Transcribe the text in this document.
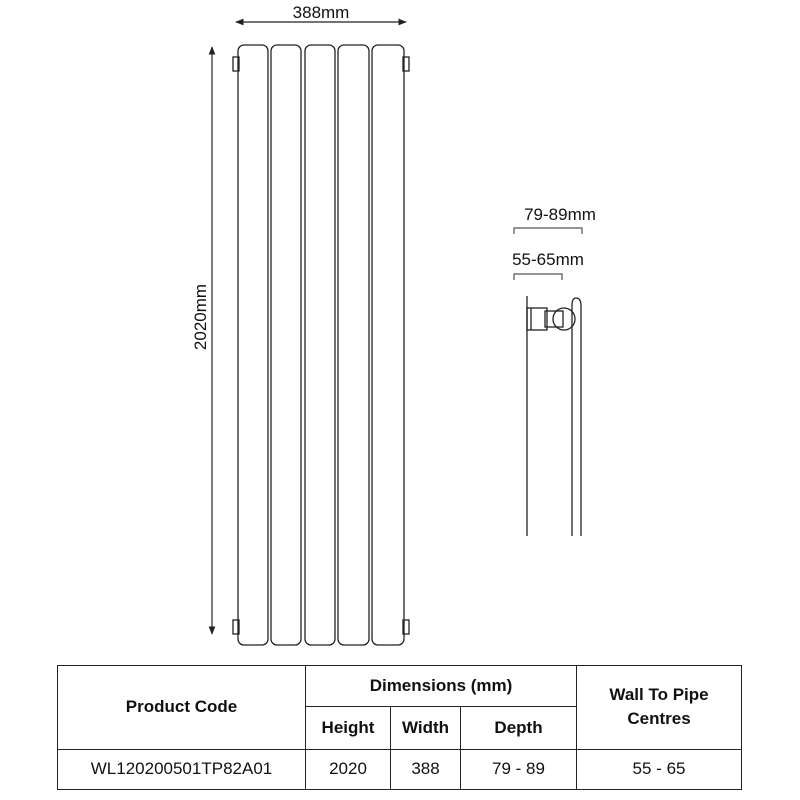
388mm
2020mm
79-89mm
55-65mm
Product Code	Dimensions (mm)			Wall To Pipe
Centres
	Height	Width	Depth	
WL120200501TP82A01	2020	388	79 - 89	55 - 65
